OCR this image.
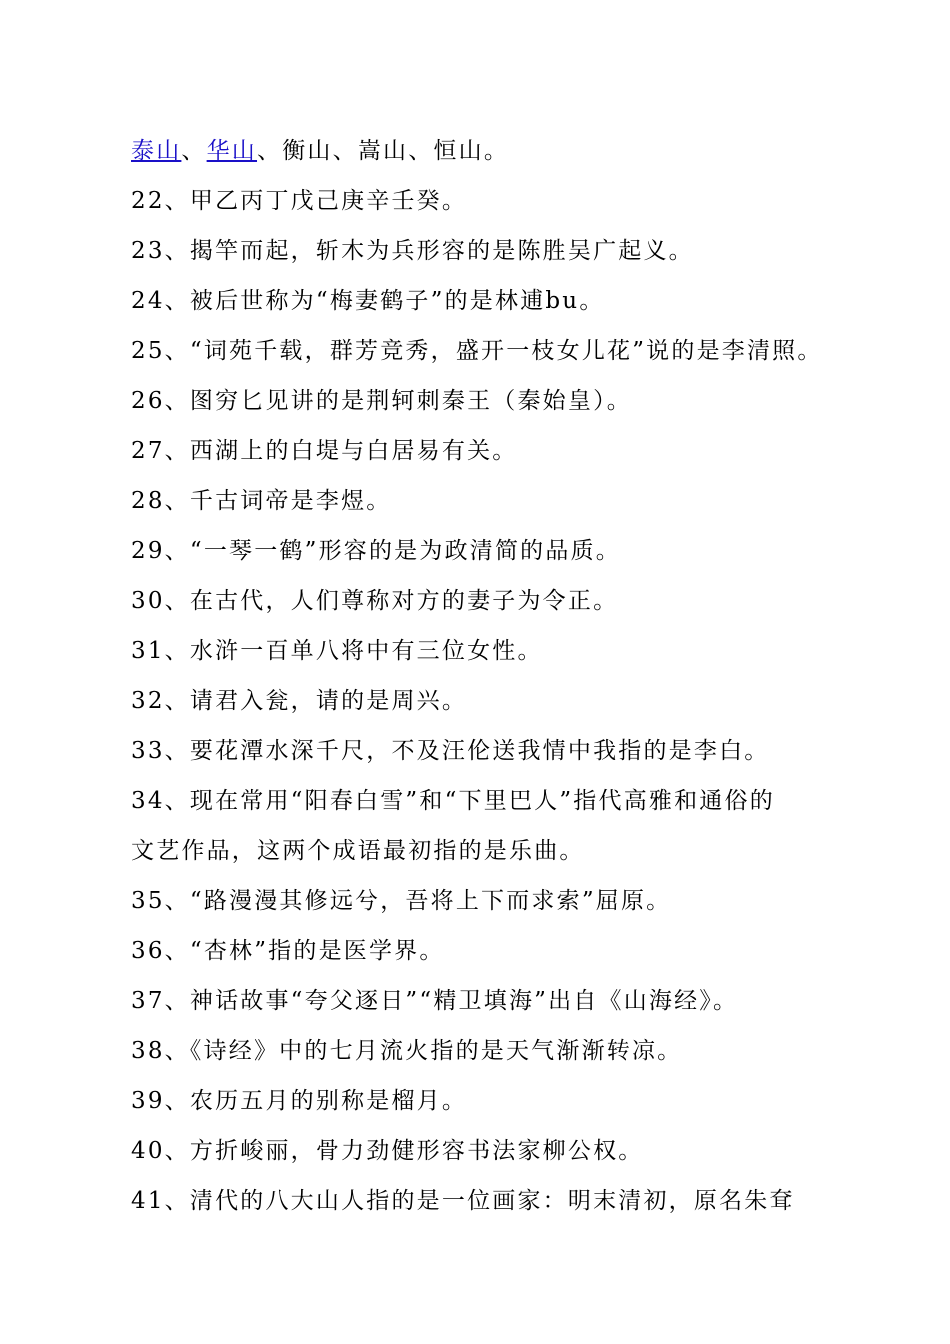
泰山、华山、衡山、嵩山、恒山。
22、甲乙丙丁戊己庚辛壬癸。
23、揭竿而起，斩木为兵形容的是陈胜吴广起义。
24、被后世称为“梅妻鹤子”的是林逋bu。
25、“词苑千载，群芳竞秀，盛开一枝女儿花”说的是李清照。
26、图穷匕见讲的是荆轲刺秦王（秦始皇）。
27、西湖上的白堤与白居易有关。
28、千古词帝是李煜。
29、“一琴一鹤”形容的是为政清简的品质。
30、在古代，人们尊称对方的妻子为令正。
31、水浒一百单八将中有三位女性。
32、请君入瓮，请的是周兴。
33、要花潭水深千尺，不及汪伦送我情中我指的是李白。
34、现在常用“阳春白雪”和“下里巴人”指代高雅和通俗的
文艺作品，这两个成语最初指的是乐曲。
35、“路漫漫其修远兮，吾将上下而求索”屈原。
36、“杏林”指的是医学界。
37、神话故事“夸父逐日”“精卫填海”出自《山海经》。
38、《诗经》中的七月流火指的是天气渐渐转凉。
39、农历五月的别称是榴月。
40、方折峻丽，骨力劲健形容书法家柳公权。
41、清代的八大山人指的是一位画家：明末清初，原名朱耷
